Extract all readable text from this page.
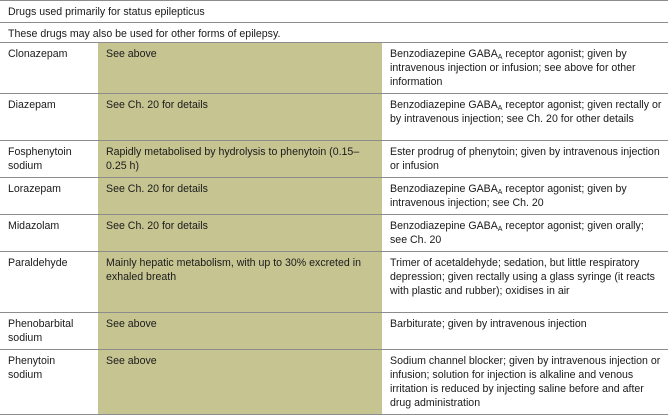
Drugs used primarily for status epilepticus
These drugs may also be used for other forms of epilepsy.
Clonazepam	See above	Benzodiazepine $GABA_A$ receptor agonist; given by intravenous injection or infusion; see above for other information
Diazepam	See Ch. 20 for details	Benzodiazepine $GABA_A$ receptor agonist; given rectally or by intravenous injection; see Ch. 20 for other details
Fosphenytoin sodium	Rapidly metabolised by hydrolysis to phenytoin (0.15–0.25 h)	Ester prodrug of phenytoin; given by intravenous injection or infusion
Lorazepam	See Ch. 20 for details	Benzodiazepine $GABA_A$ receptor agonist; given by intravenous injection; see Ch. 20
Midazolam	See Ch. 20 for details	Benzodiazepine $GABA_A$ receptor agonist; given orally; see Ch. 20
Paraldehyde	Mainly hepatic metabolism, with up to 30% excreted in exhaled breath	Trimer of acetaldehyde; sedation, but little respiratory depression; given rectally using a glass syringe (it reacts with plastic and rubber); oxidises in air
Phenobarbital sodium	See above	Barbiturate; given by intravenous injection
Phenytoin sodium	See above	Sodium channel blocker; given by intravenous injection or infusion; solution for injection is alkaline and venous irritation is reduced by injecting saline before and after drug administration
